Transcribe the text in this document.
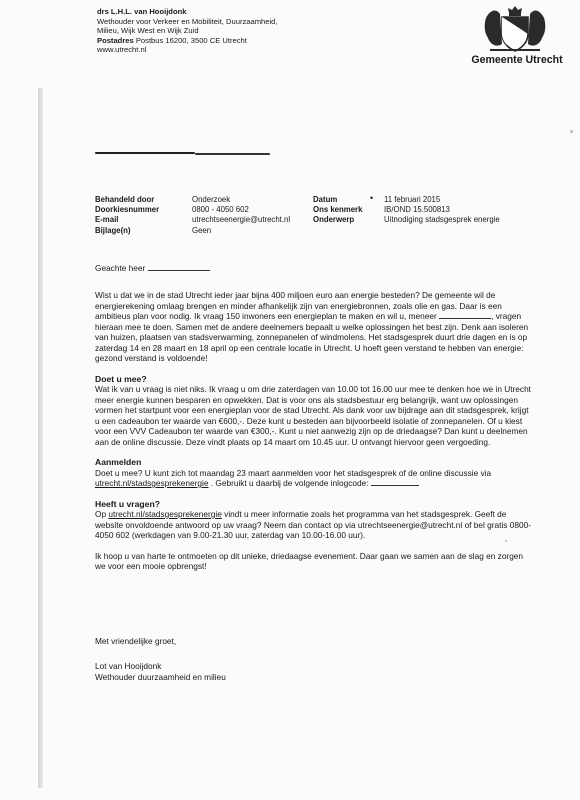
drs L.H.L. van Hooijdonk
Wethouder voor Verkeer en Mobiliteit, Duurzaamheid,
Milieu, Wijk West en Wijk Zuid
Postadres Postbus 16200, 3500 CE Utrecht
www.utrecht.nl
Gemeente Utrecht
Behandeld door
Doorkiesnummer
E-mail
Bijlage(n)
Onderzoek
0800 - 4050 602
utrechtseenergie@utrecht.nl
Geen
Datum
Ons kenmerk
Onderwerp
• 11 februari 2015
IB/OND 15.500813
Uitnodiging stadsgesprek energie
Geachte heer

Wist u dat we in de stad Utrecht ieder jaar bijna 400 miljoen euro aan energie besteden? De gemeente wil de energierekening omlaag brengen en minder afhankelijk zijn van energiebronnen, zoals olie en gas. Daar is een ambitieus plan voor nodig. Ik vraag 150 inwoners een energieplan te maken en wil u, meneer	, vragen hieraan mee te doen. Samen met de andere deelnemers bepaalt u welke oplossingen het best zijn. Denk aan isoleren van huizen, plaatsen van stadsverwarming, zonnepanelen of windmolens. Het stadsgesprek duurt drie dagen en is op zaterdag 14 en 28 maart en 18 april op een centrale locatie in Utrecht. U hoeft geen verstand te hebben van energie: gezond verstand is voldoende!

Doet u mee?

Wat ik van u vraag is niet niks. Ik vraag u om drie zaterdagen van 10.00 tot 16.00 uur mee te denken hoe we in Utrecht meer energie kunnen besparen en opwekken. Dat is voor ons als stadsbestuur erg belangrijk, want uw oplossingen vormen het startpunt voor een energieplan voor de stad Utrecht. Als dank voor uw bijdrage aan dit stadsgesprek, krijgt u een cadeaubon ter waarde van €600,-. Deze kunt u besteden aan bijvoorbeeld isolatie of zonnepanelen. Of u kiest voor een VVV Cadeaubon ter waarde van €300,-. Kunt u niet aanwezig zijn op de driedaagse? Dan kunt u deelnemen aan de online discussie. Deze vindt plaats op 14 maart om 10.45 uur. U ontvangt hiervoor geen vergoeding.

Aanmelden

Doet u mee? U kunt zich tot maandag 23 maart aanmelden voor het stadsgesprek of de online discussie via utrecht.nl/stadsgesprekenergie . Gebruikt u daarbij de volgende inlogcode:

Heeft u vragen?

Op utrecht.nl/stadsgesprekenergie vindt u meer informatie zoals het programma van het stadsgesprek. Geeft de website onvoldoende antwoord op uw vraag? Neem dan contact op via utrechtseenergie@utrecht.nl of bel gratis 0800-4050 602 (werkdagen van 9.00-21.30 uur, zaterdag van 10.00-16.00 uur).

Ik hoop u van harte te ontmoeten op dit unieke, driedaagse evenement. Daar gaan we samen aan de slag en zorgen we voor een mooie opbrengst!

Met vriendelijke groet,
Lot van Hooijdonk
Wethouder duurzaamheid en milieu
